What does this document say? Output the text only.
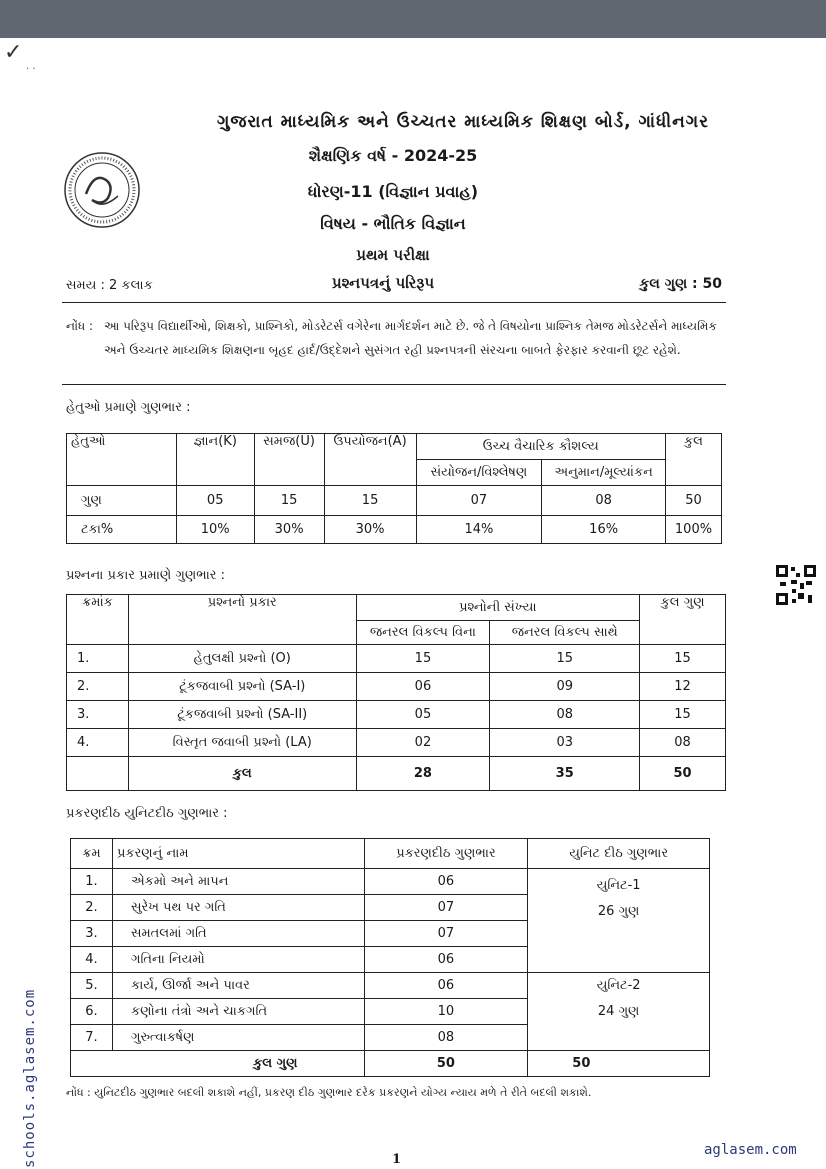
✓
· ·
ગુજરાત માધ્યમિક અને ઉચ્ચતર માધ્યમિક શિક્ષણ બોર્ડ, ગાંધીનગર
શૈક્ષણિક વર્ષ - 2024-25
ધોરણ-11 (વિજ્ઞાન પ્રવાહ)
વિષય - ભૌતિક વિજ્ઞાન
પ્રથમ પરીક્ષા
સમય : 2 કલાક	પ્રશ્નપત્રનું પરિરૂપ	કુલ ગુણ : 50
નોંધ : આ પરિરૂપ વિદ્યાર્થીઓ, શિક્ષકો, પ્રાશ્નિકો, મોડરેટર્સ વગેરેના માર્ગદર્શન માટે છે. જે તે વિષયોના પ્રાશ્નિક તેમજ મોડરેટર્સને માધ્યમિક અને ઉચ્ચતર માધ્યમિક શિક્ષણના બૃહદ હાર્દ/ઉદ્દેશને સુસંગત રહી પ્રશ્નપત્રની સંરચના બાબતે ફેરફાર કરવાની છૂટ રહેશે.
હેતુઓ પ્રમાણે ગુણભાર :
હેતુઓ	જ્ઞાન(K)	સમજ(U)	ઉપયોજન(A)	ઉચ્ચ વૈચારિક કૌશલ્ય		કુલ
				સંયોજન/વિશ્લેષણ	અનુમાન/મૂલ્યાંકન	
ગુણ	05	15	15	07	08	50
ટકા%	10%	30%	30%	14%	16%	100%
પ્રશ્નના પ્રકાર પ્રમાણે ગુણભાર :
ક્રમાંક	પ્રશ્નનો પ્રકાર	પ્રશ્નોની સંખ્યા		કુલ ગુણ
		જનરલ વિકલ્પ વિના	જનરલ વિકલ્પ સાથે	
1.	હેતુલક્ષી પ્રશ્નો (O)	15	15	15
2.	ટૂંકજવાબી પ્રશ્નો (SA-I)	06	09	12
3.	ટૂંકજવાબી પ્રશ્નો (SA-II)	05	08	15
4.	વિસ્તૃત જવાબી પ્રશ્નો (LA)	02	03	08
	કુલ	28	35	50
પ્રકરણદીઠ યુનિટદીઠ ગુણભાર :
ક્રમ	પ્રકરણનું નામ	પ્રકરણદીઠ ગુણભાર	યુનિટ દીઠ ગુણભાર
1.	એકમો અને માપન	06	યુનિટ-1
26 ગુણ

2.	સુરેખ પથ પર ગતિ	07	
3.	સમતલમાં ગતિ	07	
4.	ગતિના નિયમો	06	
5.	કાર્ય, ઊર્જા અને પાવર	06	યુનિટ-2
24 ગુણ

6.	કણોના તંત્રો અને ચાકગતિ	10	
7.	ગુરુત્વાકર્ષણ	08	
કુલ ગુણ		50	50
નોંધ : યુનિટદીઠ ગુણભાર બદલી શકાશે નહીં, પ્રકરણ દીઠ ગુણભાર દરેક પ્રકરણને યોગ્ય ન્યાય મળે તે રીતે બદલી શકાશે.
1
schools.aglasem.com	aglasem.com
